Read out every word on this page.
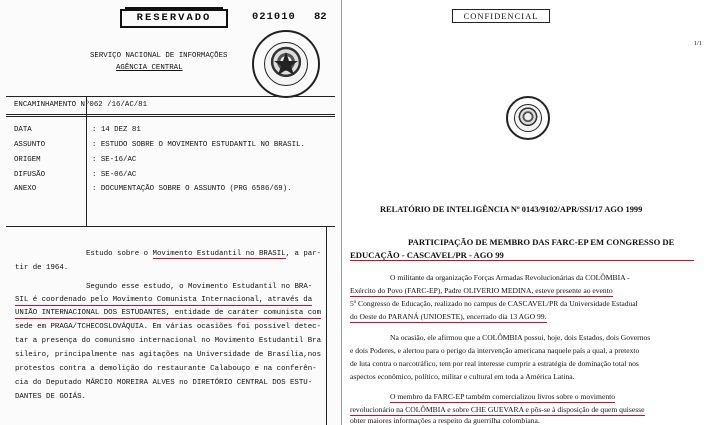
RESERVADO	021010 82
SERVIÇO NACIONAL DE INFORMAÇÕES
AGÊNCIA CENTRAL
ENCAMINHAMENTO Nº062 /16/AC/81
DATA	: 14 DEZ 81
ASSUNTO	: ESTUDO SOBRE O MOVIMENTO ESTUDANTIL NO BRASIL.
ORIGEM	: SE-16/AC
DIFUSÃO	: SE-06/AC
ANEXO	: DOCUMENTAÇÃO SOBRE O ASSUNTO (PRG 6586/69).
Estudo sobre o Movimento Estudantil no BRASIL, a par-
tir de 1964.
Segundo esse estudo, o Movimento Estudantil no BRA-
SIL é coordenado pelo Movimento Comunista Internacional, através da
UNIÃO INTERNACIONAL DOS ESTUDANTES, entidade de caráter comunista com
sede em PRAGA/TCHECOSLOVÁQUIA. Em várias ocasiões foi possível detec-
tar a presença do comunismo internacional no Movimento Estudantil Bra
sileiro, principalmente nas agitações na Universidade de Brasília,nos
protestos contra a demolição do restaurante Calabouço e na conferên-
cia do Deputado MÁRCIO MOREIRA ALVES no DIRETÓRIO CENTRAL DOS ESTU-
DANTES DE GOIÁS.
CONFIDENCIAL
1/1
RELATÓRIO DE INTELIGÊNCIA Nº 0143/9102/APR/SSI/17 AGO 1999
PARTICIPAÇÃO DE MEMBRO DAS FARC-EP EM CONGRESSO DE
EDUCAÇÃO - CASCAVEL/PR - AGO 99
O militante da organização Forças Armadas Revolucionárias da COLÔMBIA -
Exército do Povo (FARC-EP), Padre OLIVERIO MEDINA, esteve presente ao evento
5º Congresso de Educação, realizado no campus de CASCAVEL/PR da Universidade Estadual
do Oeste do PARANÁ (UNIOESTE), encerrado dia 13 AGO 99.
Na ocasião, ele afirmou que a COLÔMBIA possui, hoje, dois Estados, dois Governos
e dois Poderes, e alertou para o perigo da intervenção americana naquele país a qual, a pretexto
de luta contra o narcotráfico, tem por real interesse cumprir a estratégia de dominação total nos
aspectos econômico, político, militar e cultural em toda a América Latina.
O membro da FARC-EP também comercializou livros sobre o movimento
revolucionário na COLÔMBIA e sobre CHE GUEVARA e pôs-se à disposição de quem quisesse
obter maiores informações a respeito da guerrilha colombiana.
